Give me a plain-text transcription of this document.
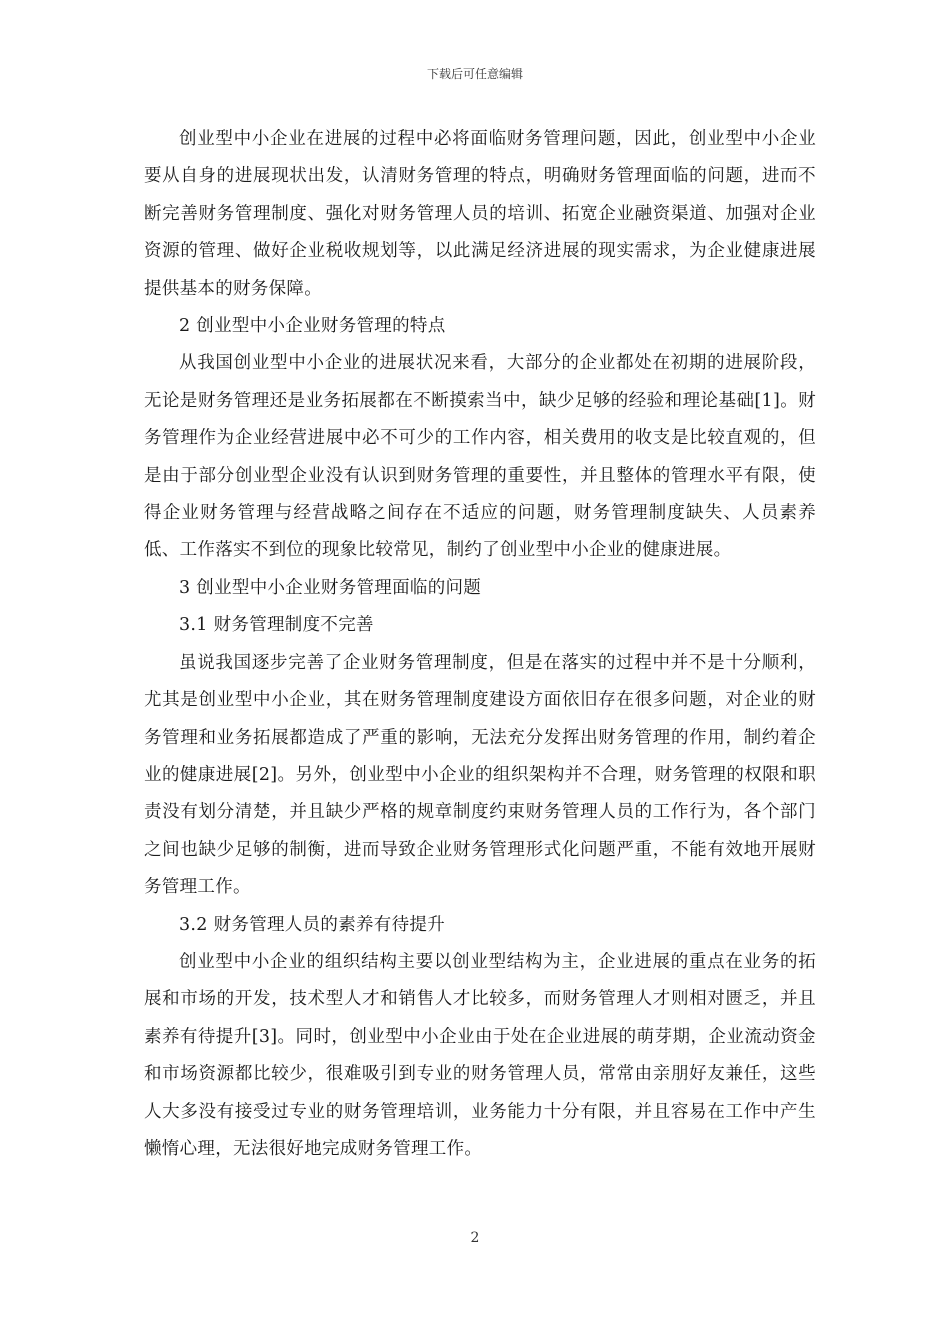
下载后可任意编辑

创业型中小企业在进展的过程中必将面临财务管理问题，因此，创业型中小企业要从自身的进展现状出发，认清财务管理的特点，明确财务管理面临的问题，进而不断完善财务管理制度、强化对财务管理人员的培训、拓宽企业融资渠道、加强对企业资源的管理、做好企业税收规划等，以此满足经济进展的现实需求，为企业健康进展提供基本的财务保障。

2 创业型中小企业财务管理的特点

从我国创业型中小企业的进展状况来看，大部分的企业都处在初期的进展阶段，无论是财务管理还是业务拓展都在不断摸索当中，缺少足够的经验和理论基础[1]。财务管理作为企业经营进展中必不可少的工作内容，相关费用的收支是比较直观的，但是由于部分创业型企业没有认识到财务管理的重要性，并且整体的管理水平有限，使得企业财务管理与经营战略之间存在不适应的问题，财务管理制度缺失、人员素养低、工作落实不到位的现象比较常见，制约了创业型中小企业的健康进展。

3 创业型中小企业财务管理面临的问题

3.1 财务管理制度不完善

虽说我国逐步完善了企业财务管理制度，但是在落实的过程中并不是十分顺利，尤其是创业型中小企业，其在财务管理制度建设方面依旧存在很多问题，对企业的财务管理和业务拓展都造成了严重的影响，无法充分发挥出财务管理的作用，制约着企业的健康进展[2]。另外，创业型中小企业的组织架构并不合理，财务管理的权限和职责没有划分清楚，并且缺少严格的规章制度约束财务管理人员的工作行为，各个部门之间也缺少足够的制衡，进而导致企业财务管理形式化问题严重，不能有效地开展财务管理工作。

3.2 财务管理人员的素养有待提升

创业型中小企业的组织结构主要以创业型结构为主，企业进展的重点在业务的拓展和市场的开发，技术型人才和销售人才比较多，而财务管理人才则相对匮乏，并且素养有待提升[3]。同时，创业型中小企业由于处在企业进展的萌芽期，企业流动资金和市场资源都比较少，很难吸引到专业的财务管理人员，常常由亲朋好友兼任，这些人大多没有接受过专业的财务管理培训，业务能力十分有限，并且容易在工作中产生懒惰心理，无法很好地完成财务管理工作。

2
